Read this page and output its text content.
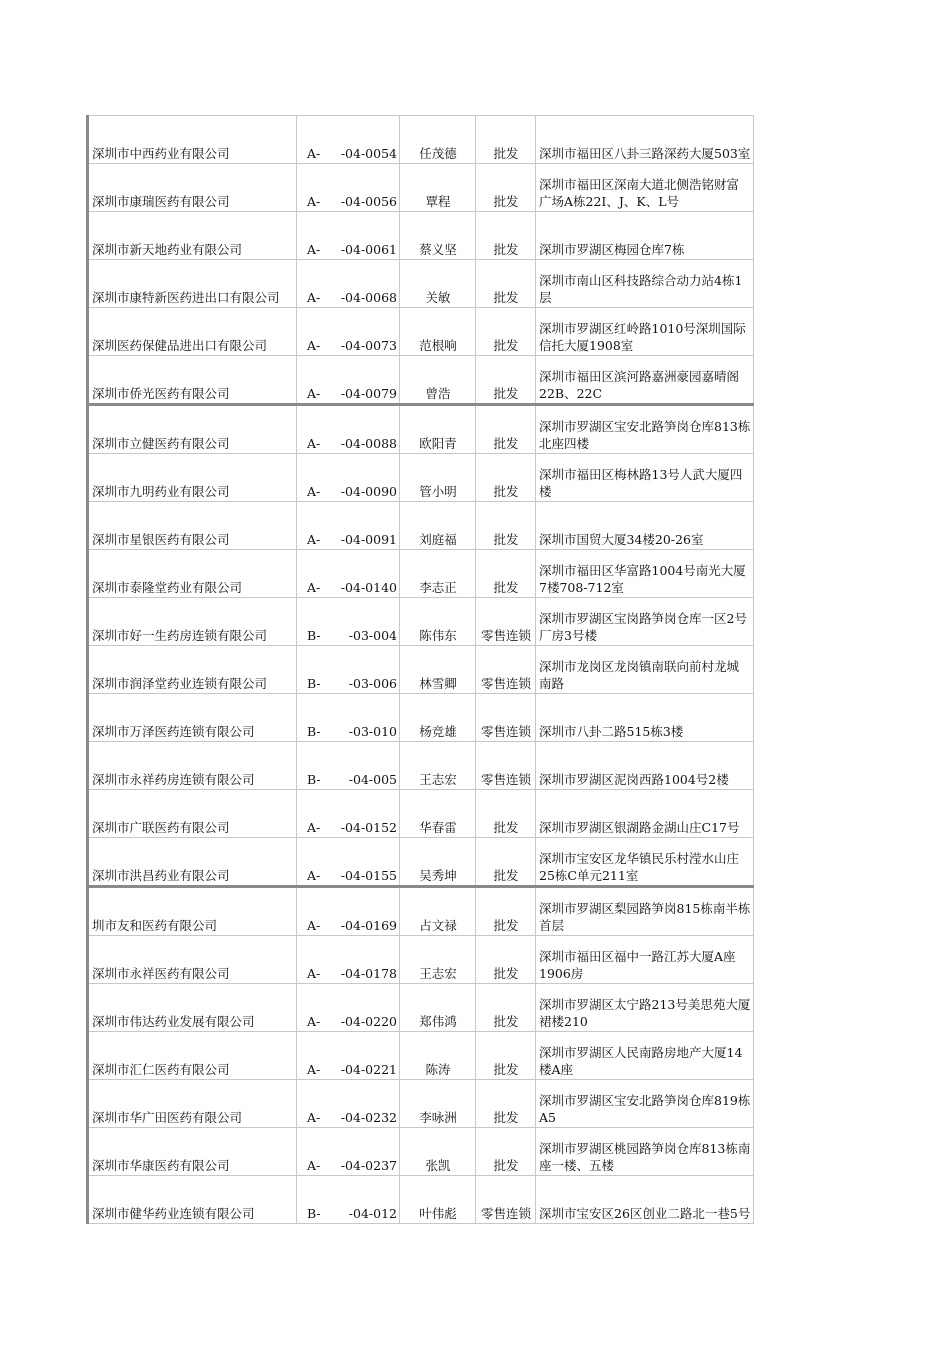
深圳市中西药业有限公司	A- -04-0054	任茂德	批发	深圳市福田区八卦三路深药大厦503室
深圳市康瑞医药有限公司	A- -04-0056	覃程	批发	深圳市福田区深南大道北侧浩铭财富广场A栋22I、J、K、L号
深圳市新天地药业有限公司	A- -04-0061	蔡义坚	批发	深圳市罗湖区梅园仓库7栋
深圳市康特新医药进出口有限公司	A- -04-0068	关敏	批发	深圳市南山区科技路综合动力站4栋1层
深圳医药保健品进出口有限公司	A- -04-0073	范根响	批发	深圳市罗湖区红岭路1010号深圳国际信托大厦1908室
深圳市侨光医药有限公司	A- -04-0079	曾浩	批发	深圳市福田区滨河路嘉洲豪园嘉晴阁22B、22C
深圳市立健医药有限公司	A- -04-0088	欧阳青	批发	深圳市罗湖区宝安北路笋岗仓库813栋北座四楼
深圳市九明药业有限公司	A- -04-0090	管小明	批发	深圳市福田区梅林路13号人武大厦四楼
深圳市星银医药有限公司	A- -04-0091	刘庭福	批发	深圳市国贸大厦34楼20-26室
深圳市泰隆堂药业有限公司	A- -04-0140	李志正	批发	深圳市福田区华富路1004号南光大厦7楼708-712室
深圳市好一生药房连锁有限公司	B- -03-004	陈伟东	零售连锁	深圳市罗湖区宝岗路笋岗仓库一区2号厂房3号楼
深圳市润泽堂药业连锁有限公司	B- -03-006	林雪卿	零售连锁	深圳市龙岗区龙岗镇南联向前村龙城南路
深圳市万泽医药连锁有限公司	B- -03-010	杨竞雄	零售连锁	深圳市八卦二路515栋3楼
深圳市永祥药房连锁有限公司	B- -04-005	王志宏	零售连锁	深圳市罗湖区泥岗西路1004号2楼
深圳市广联医药有限公司	A- -04-0152	华春雷	批发	深圳市罗湖区银湖路金湖山庄C17号
深圳市洪昌药业有限公司	A- -04-0155	吴秀坤	批发	深圳市宝安区龙华镇民乐村滢水山庄25栋C单元211室
圳市友和医药有限公司	A- -04-0169	占文禄	批发	深圳市罗湖区梨园路笋岗815栋南半栋首层
深圳市永祥医药有限公司	A- -04-0178	王志宏	批发	深圳市福田区福中一路江苏大厦A座1906房
深圳市伟达药业发展有限公司	A- -04-0220	郑伟鸿	批发	深圳市罗湖区太宁路213号美思苑大厦裙楼210
深圳市汇仁医药有限公司	A- -04-0221	陈涛	批发	深圳市罗湖区人民南路房地产大厦14楼A座
深圳市华广田医药有限公司	A- -04-0232	李咏洲	批发	深圳市罗湖区宝安北路笋岗仓库819栋A5
深圳市华康医药有限公司	A- -04-0237	张凯	批发	深圳市罗湖区桃园路笋岗仓库813栋南座一楼、五楼
深圳市健华药业连锁有限公司	B- -04-012	叶伟彪	零售连锁	深圳市宝安区26区创业二路北一巷5号
